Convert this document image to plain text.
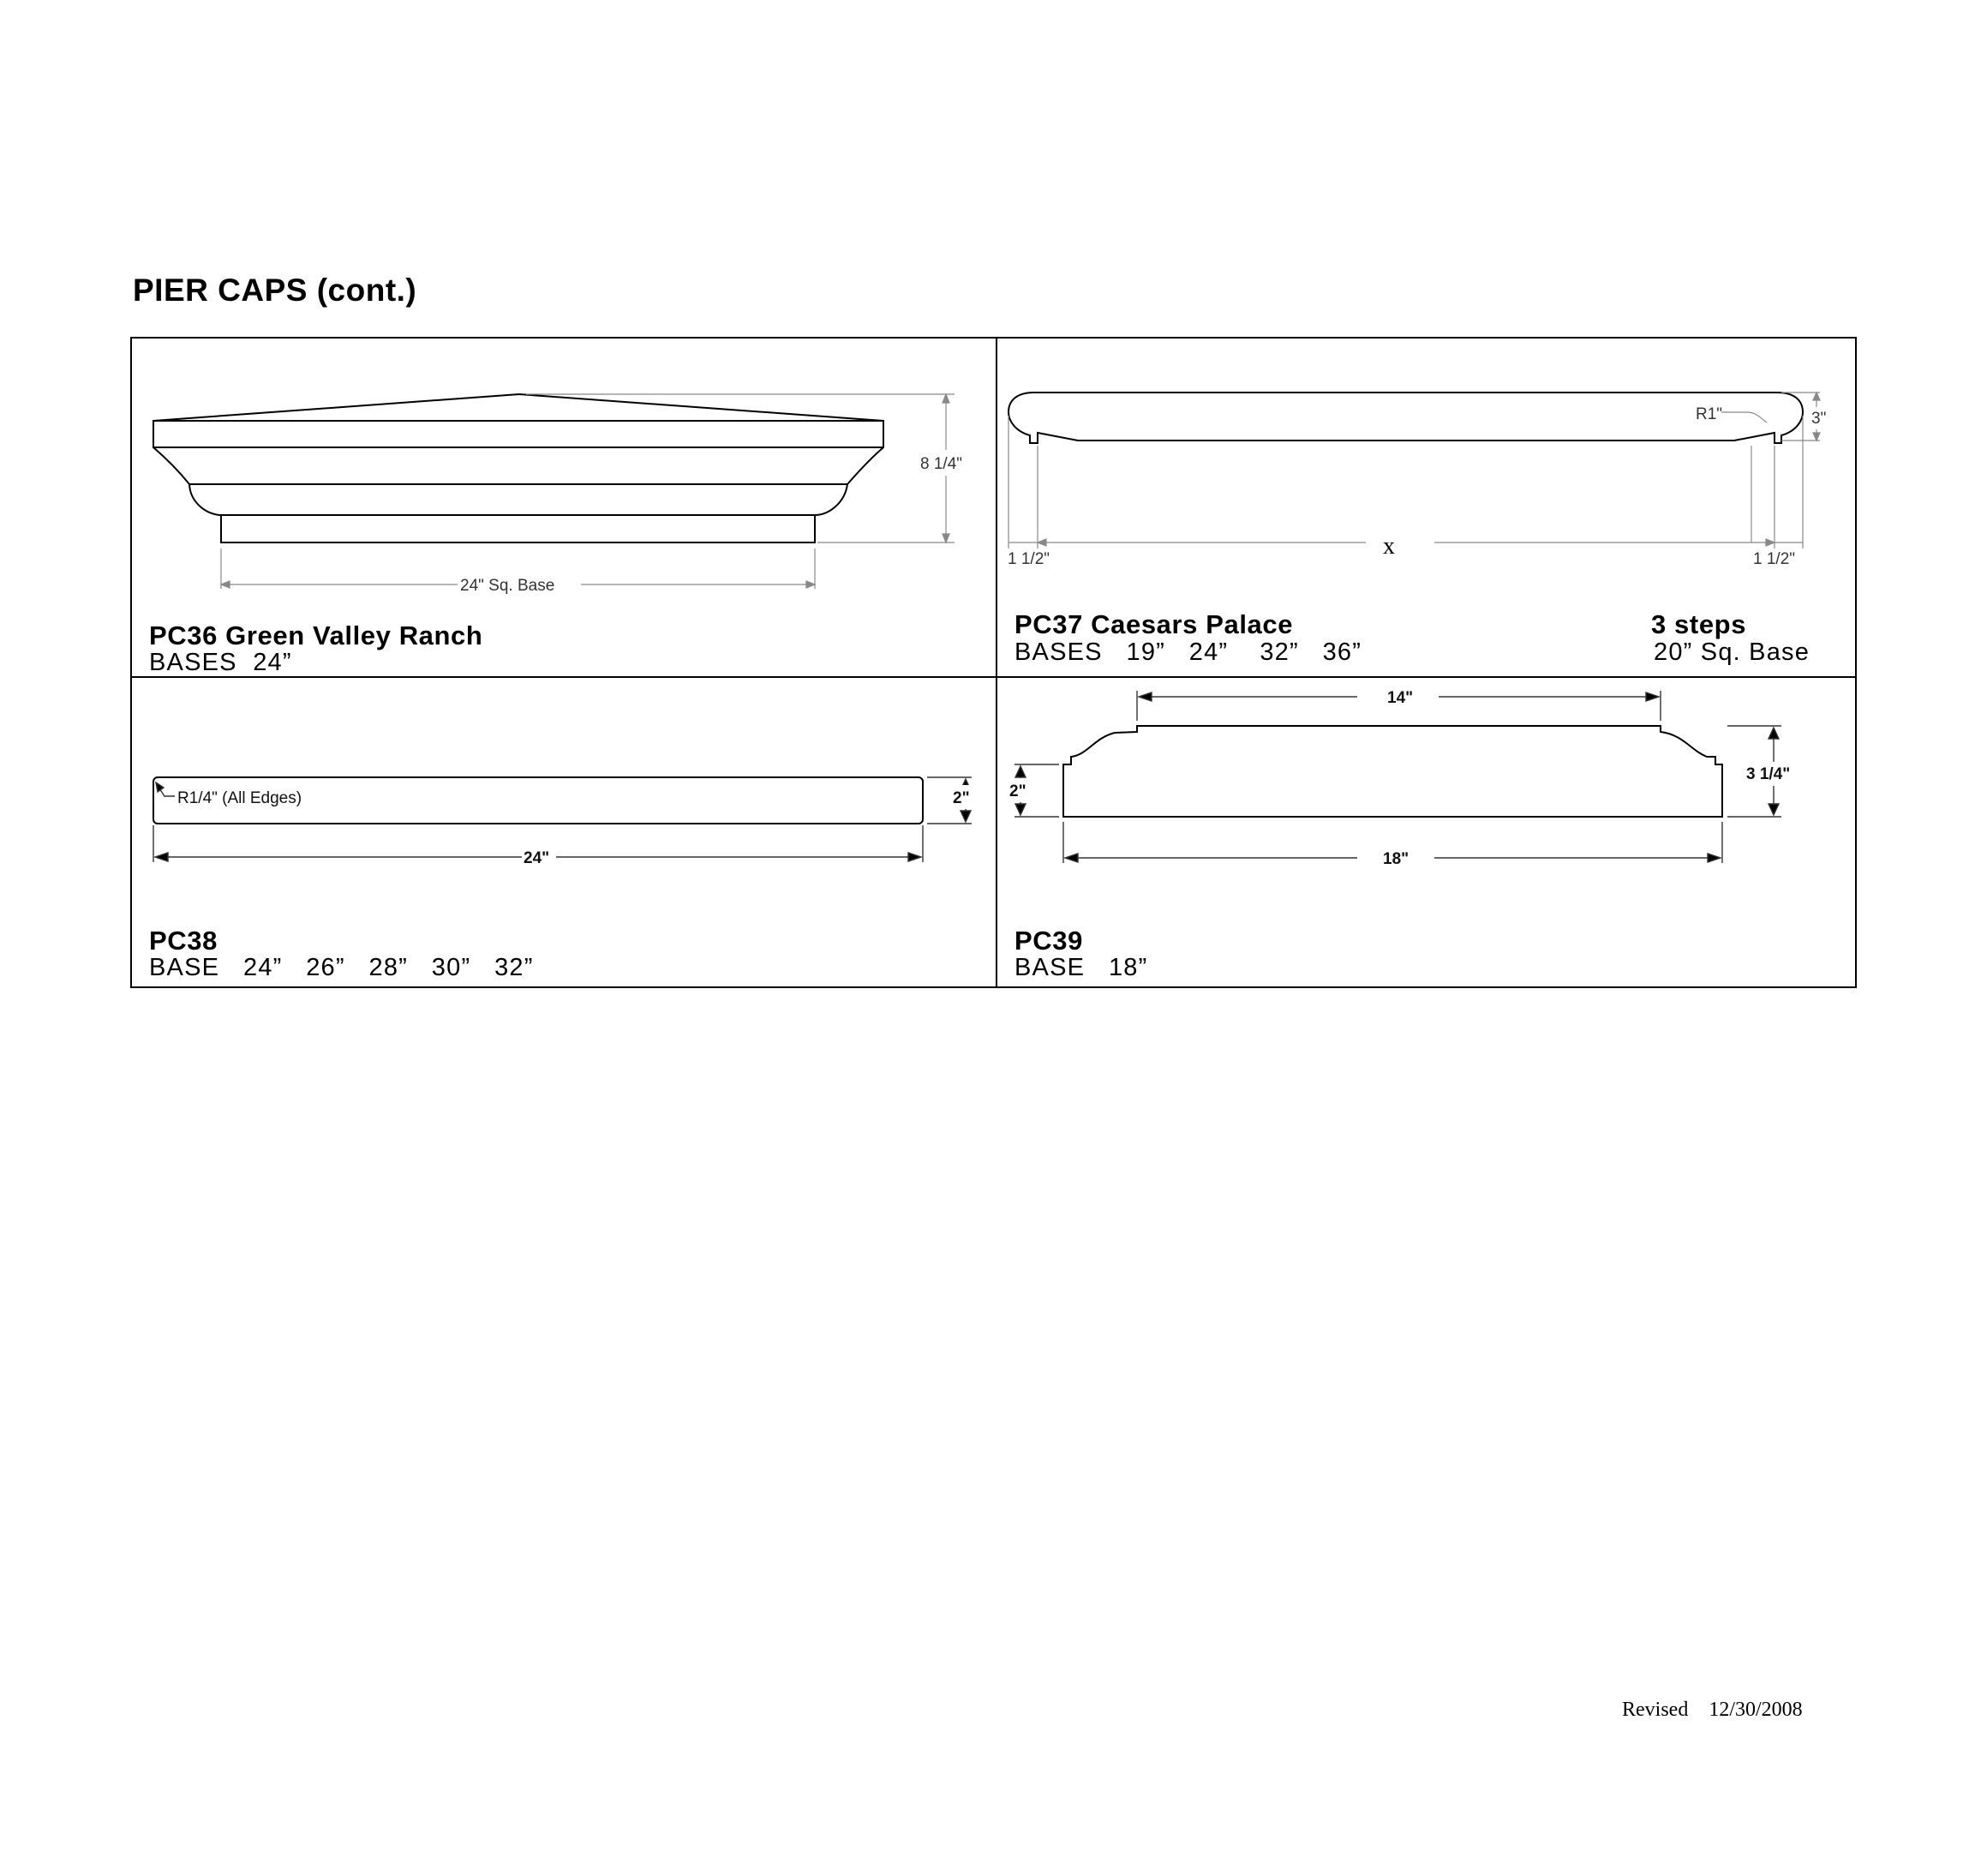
PIER CAPS (cont.)
8 1/4"
24" Sq. Base
PC36 Green Valley Ranch
BASES  24”
R1"	3"
x
1 1/2"	1 1/2"
PC37 Caesars Palace	3 steps
BASES   19”   24”    32”   36”	20” Sq. Base
R1/4" (All Edges)	2"
24"
PC38
BASE   24”   26”   28”   30”   32”
14"
2"
3 1/4"
18"
PC39
BASE   18”
Revised 12/30/2008
